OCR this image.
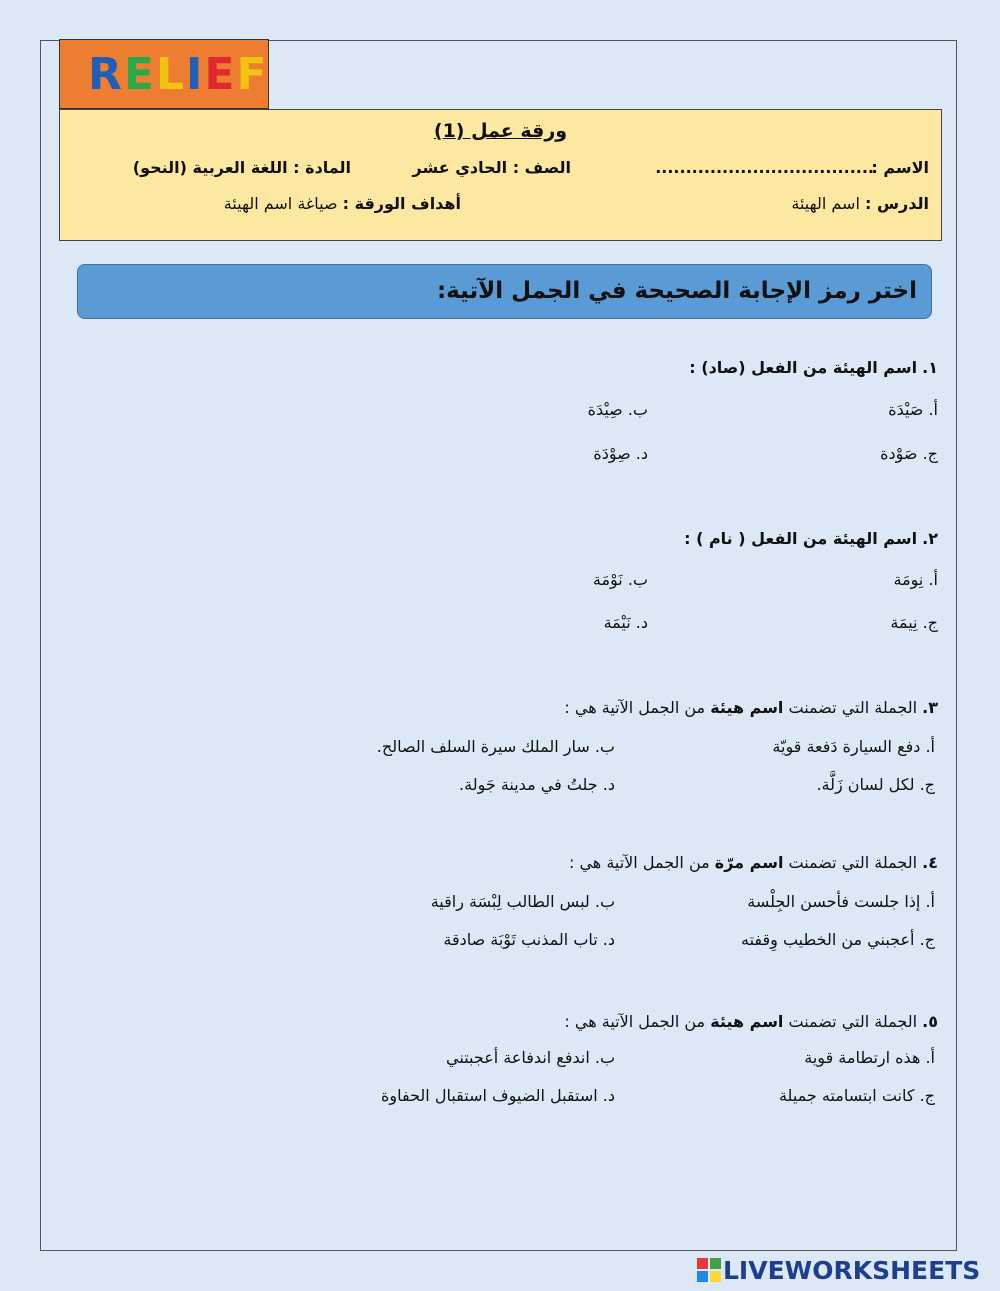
RELIEF
ورقة عمل (1)
الاسم :
....................................
الصف : الحادي عشر
المادة : اللغة العربية (النحو)
الدرس : اسم الهيئة
أهداف الورقة : صياغة اسم الهيئة
اختر رمز الإجابة الصحيحة في الجمل الآتية:
١. اسم الهيئة من الفعل (صاد) :
أ. صَيْدَة
ب. صِيْدَة
ج. صَوْدة
د. صِوْدَة
٢. اسم الهيئة من الفعل ( نام ) :
أ. نِومَة
ب. نَوْمَة
ج. نِيمَة
د. نَيْمَة
٣. الجملة التي تضمنت اسم هيئة من الجمل الآتية هي :
أ. دفع السيارة دَفعة قويّة
ب. سار الملك سيرة السلف الصالح.
ج. لكل لسان زَلَّة.
د. جلتُ في مدينة جَولة.
٤. الجملة التي تضمنت اسم مرّة من الجمل الآتية هي :
أ. إذا جلست فأحسن الجِلْسة
ب. لبس الطالب لِبْسَة راقية
ج. أعجبني من الخطيب وِقفته
د. تاب المذنب تَوْبَة صادقة
٥. الجملة التي تضمنت اسم هيئة من الجمل الآتية هي :
أ. هذه ارتطامة قوية
ب. اندفع اندفاعة أعجبتني
ج. كانت ابتسامته جميلة
د. استقبل الضيوف استقبال الحفاوة
LIVEWORKSHEETS
